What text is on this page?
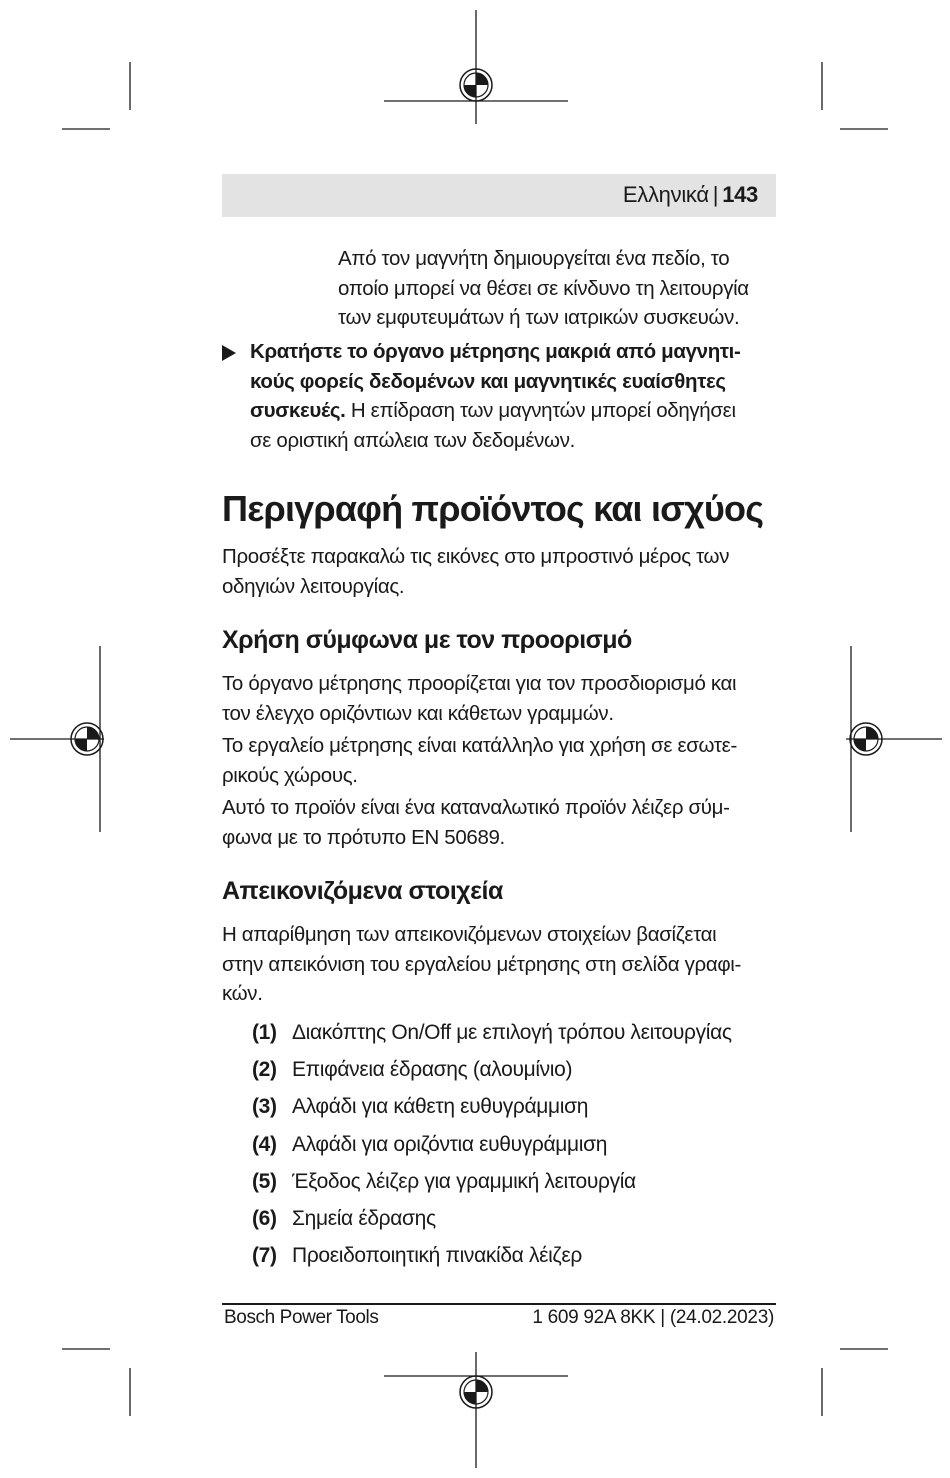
Ελληνικά | 143

Από τον μαγνήτη δημιουργείται ένα πεδίο, το

οποίο μπορεί να θέσει σε κίνδυνο τη λειτουργία

των εμφυτευμάτων ή των ιατρικών συσκευών.

Κρατήστε το όργανο μέτρησης μακριά από μαγνητι-

κούς φορείς δεδομένων και μαγνητικές ευαίσθητες

συσκευές. Η επίδραση των μαγνητών μπορεί οδηγήσει

σε οριστική απώλεια των δεδομένων.

Περιγραφή προϊόντος και ισχύος

Προσέξτε παρακαλώ τις εικόνες στο μπροστινό μέρος των

οδηγιών λειτουργίας.

Χρήση σύμφωνα με τον προορισμό

Το όργανο μέτρησης προορίζεται για τον προσδιορισμό και

τον έλεγχο οριζόντιων και κάθετων γραμμών.

Το εργαλείο μέτρησης είναι κατάλληλο για χρήση σε εσωτε-

ρικούς χώρους.

Αυτό το προϊόν είναι ένα καταναλωτικό προϊόν λέιζερ σύμ-

φωνα με το πρότυπο EN 50689.

Απεικονιζόμενα στοιχεία

Η απαρίθμηση των απεικονιζόμενων στοιχείων βασίζεται

στην απεικόνιση του εργαλείου μέτρησης στη σελίδα γραφι-

κών.

(1) Διακόπτης On/Off με επιλογή τρόπου λειτουργίας
(2) Επιφάνεια έδρασης (αλουμίνιο)
(3) Αλφάδι για κάθετη ευθυγράμμιση
(4) Αλφάδι για οριζόντια ευθυγράμμιση
(5) Έξοδος λέιζερ για γραμμική λειτουργία
(6) Σημεία έδρασης
(7) Προειδοποιητική πινακίδα λέιζερ
Bosch Power Tools	1 609 92A 8KK | (24.02.2023)
